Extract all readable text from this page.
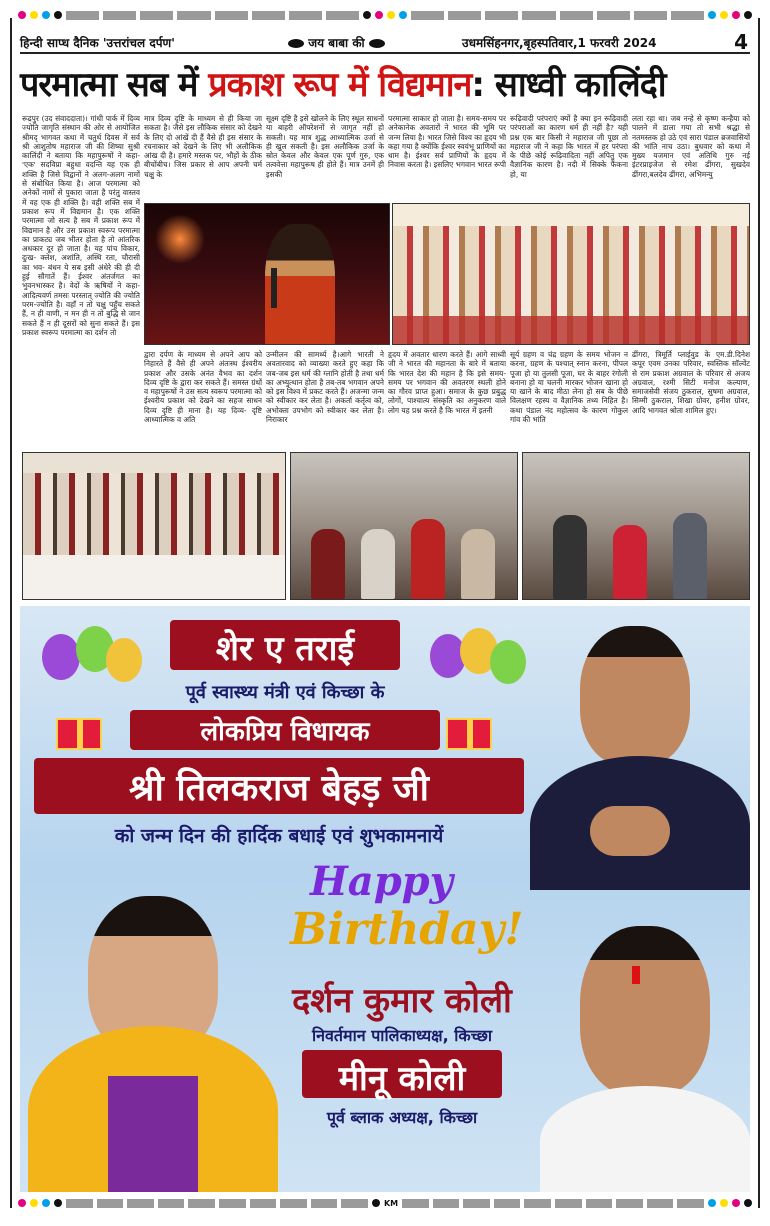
हिन्दी साप्ध दैनिक 'उत्तरांचल दर्पण'	जय बाबा की	उधमसिंहनगर,बृहस्पतिवार,1 फरवरी 2024	4
परमात्मा सब में प्रकाश रूप में विद्यमान: साध्वी कालिंदी
रूद्रपुर (उद संवाददाता)। गांधी पार्क में दिव्य ज्योति जागृति संस्थान की ओर से आयोजित श्रीमद् भागवत कथा में चतुर्थ दिवस में सर्व श्री आशुतोष महाराज जी की शिष्या सुश्री कालिंदी ने बताया कि महापुरूषों ने कहा- 'एक' सदविप्रा बहुधा वदन्ति यह एक ही शक्ति है जिसे विद्वानों ने अलग-अलग नामों से संबोधित किया है। आज परमात्मा को अनेकों नामों से पुकारा जाता है परंतु वास्तव में वह एक ही शक्ति है। वही शक्ति सब में प्रकाश रूप में विद्यमान है। एक शक्ति परमात्मा जो सत्य है सब में प्रकाश रूप में विद्यमान है और उस प्रकाश स्वरूप परमात्मा का प्राकट्य जब भीतर होता है तो आंतरिक अधकार दूर हो जाता है। यह पांच विकार, दुःख- क्लेश, अशांति, अस्थि रता, चौरासी का भव- बंधन ये सब इसी अंधेरे की ही दी हुई सौगातें हैं। ईश्वर अंतर्जगत का भुवनभास्कर है। वेदों के ऋषियों ने कहा- आदित्यवर्ण तमसः परस्तात् ज्योति की ज्योति परम-ज्योति है। वहाँ न तो चक्षु पहुँच सकते हैं, न ही वाणी, न मन ही न तो बुद्धि से जान सकते हैं न ही दूसरों को सुना सकते हैं। इस प्रकाश स्वरूप परमात्मा का दर्शन तो
मात्र दिव्य दृष्टि के माध्यम से ही किया जा सकता है। जैसे इस लौकिक संसार को देखने के लिए दो आंखें दी हैं वैसे ही इस संसार के रचनाकार को देखने के लिए भी अलौकिक आंख दी है। हमारे मस्तक पर, भौहों के ठीक बीचोंबीच। जिस प्रकार से आप अपनी चर्म चक्षु के
सूक्ष्म दृष्टि है इसे खोलने के लिए स्थूल साधनों या बाहरी ऑपरेशनों से जागृत नहीं हो सकती। यह मात्र शुद्ध आध्यात्मिक उर्जा से ही खुल सकती है। इस अलौकिक उर्जा के स्रोत केवल और केवल एक पूर्ण गुरु, एक तत्ववेत्ता महापुरूष ही होते हैं। मात्र उनमें ही इसकी
परमात्मा साकार हो जाता है। समय-समय पर अनेकानेक अवतारों ने भारत की भूमि पर जन्म लिया है। भारत जिसे विश्व का हृदय भी कहा गया है क्योंकि ईश्वर स्वयंभू प्राणियों का धाम है। ईश्वर सर्व प्राणियों के हृदय में निवास करता है। इसलिए भगवान भारत रूपी
रूढ़िवादी परंपराएं क्यों है क्या इन रूढ़िवादी परंपराओं का कारण धर्म ही नहीं है? यही प्रश्न एक बार किसी ने महाराज जी पूछा तो महाराज जी ने कहा कि भारत में हर परंपरा के पीछे कोई रूढ़िवादिता नहीं अपितु एक वैज्ञानिक कारण है। नदी में सिक्के फैंकना हो, या
लता रहा था। जब नन्हे से कृष्ण कन्हैया को पालने में डाला गया तो सभी श्रद्धा से नतमस्तक हो उठे एवं सारा पंडाल ब्रजवासियों की भांति नाच उठा। बुधवार को कथा में मुख्य यजमान एवं अतिथि गुरु नई इंटरप्राइजेज से रमेश ढींगरा, सुखदेव ढींगरा,बलदेव ढींगरा, अभिमन्यु
द्वारा दर्पण के माध्यम से अपने आप को निहारते हैं वैसे ही अपने अंतःस्थ ईश्वरीय प्रकाश और उसके अनंत वैभव का दर्शन दिव्य दृष्टि के द्वारा कर सकते हैं। समस्त ग्रंथों व महापुरूषों ने उस सत्य स्वरूप परमात्मा को ईश्वरीय प्रकाश को देखने का सहज साधन दिव्य दृष्टि ही माना है। यह दिव्य- दृष्टि आध्यात्मिक व अति
उन्मीलन की सामर्थ्य है।आगे भारती ने अवतारवाद को व्याख्या करते हुए कहा कि जब-जब इस धर्म की ग्लानि होती है तथा धर्म का अभ्युत्थान होता है तब-तब भगवान अपने को इस विश्व में प्रकट करते हैं। अजन्मा जन्म को स्वीकार कर लेता है। अकर्ता कर्तृत्व को, अभोक्ता उपभोग को स्वीकार कर लेता है। निराकार
हृदय में अवतार धारण करते हैं। आगे साध्वी जी ने भारत की महानता के बारे में बताया कि भारत देश की महान है कि इसे समय-समय पर भगवान की अवतरण स्थली होने का गौरव प्राप्त हुआ। समाज के कुछ प्रबुद्ध लोगों, पाश्चात्य संस्कृति का अनुकरण वाले लोग यह प्रश्न करते है कि भारत में इतनी
सूर्य ग्रहण व चंद्र ग्रहण के समय भोजन न करना, ग्रहण के पश्चात् स्नान करना, पीपल पूजा हो या तुलसी पूजा, घर के बाहर रंगोली बनाना हो या चलनी मारकर भोजन खाना हो या खाने के बाद मीठा लेना हो सब के पीछे विलक्षण रहस्य व वैज्ञानिक तथ्य निहित है।कथा पंडाल नंद महोत्सव के कारण गोकुल गांव की भांति
ढींगरा, त्रिमूर्ति प्लाईवुड के एम.डी.दिनेश कपूर एवम उनका परिवार, स्वस्तिक सॉल्वेंट से राम प्रकाश अग्रवाल के परिवार से अजय अग्रवाल, रश्मी सिटी मनोज कल्याण, समाजसेवी संजय ठुकराल, सुषमा अग्रवाल, सिम्मी ठुकराल, शिखा ग्रोवर, हनीश ग्रोवर, आदि भागवत श्रोता शामिल हुए।
शेर ए तराई
पूर्व स्वास्थ्य मंत्री एवं किच्छा के
लोकप्रिय विधायक
श्री तिलकराज बेहड़ जी
को जन्म दिन की हार्दिक बधाई एवं शुभकामनायें
Happy
Birthday!
दर्शन कुमार कोली
निवर्तमान पालिकाध्यक्ष, किच्छा
मीनू कोली
पूर्व ब्लाक अध्यक्ष, किच्छा
KM
